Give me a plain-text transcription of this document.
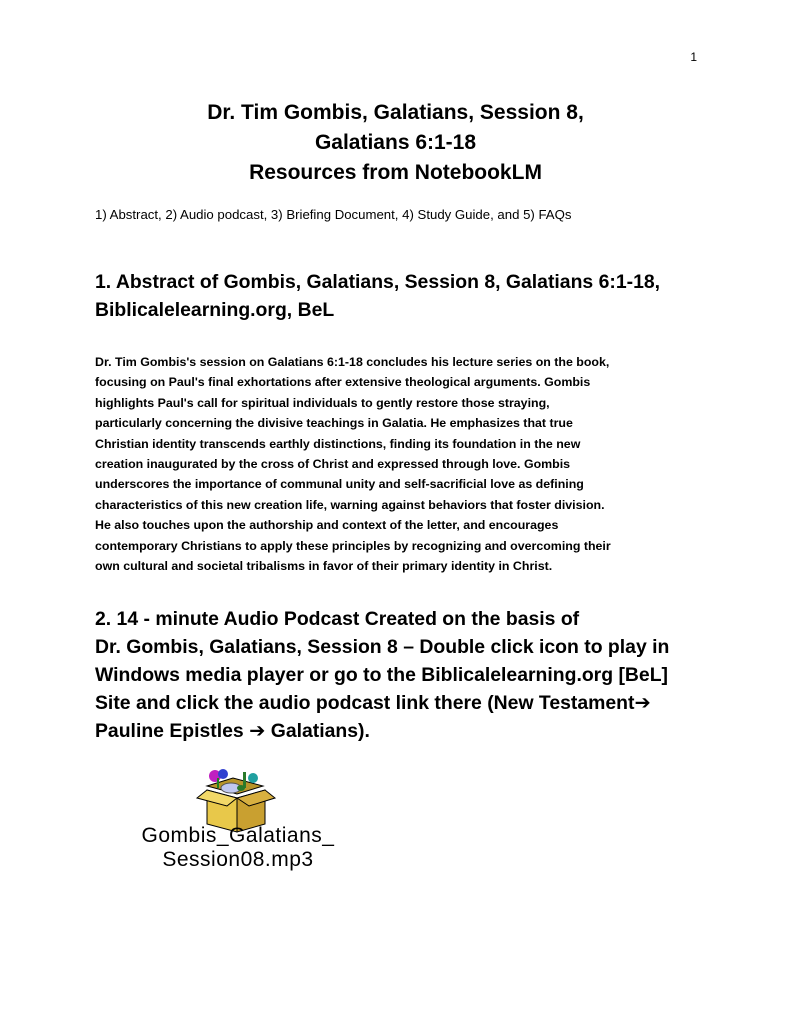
1
Dr. Tim Gombis, Galatians, Session 8,
Galatians 6:1-18
Resources from NotebookLM
1) Abstract, 2) Audio podcast, 3) Briefing Document, 4) Study Guide, and 5) FAQs
1. Abstract of Gombis, Galatians, Session 8, Galatians 6:1-18,
Biblicalelearning.org, BeL
Dr. Tim Gombis's session on Galatians 6:1-18 concludes his lecture series on the book,
focusing on Paul's final exhortations after extensive theological arguments. Gombis
highlights Paul's call for spiritual individuals to gently restore those straying,
particularly concerning the divisive teachings in Galatia. He emphasizes that true
Christian identity transcends earthly distinctions, finding its foundation in the new
creation inaugurated by the cross of Christ and expressed through love. Gombis
underscores the importance of communal unity and self-sacrificial love as defining
characteristics of this new creation life, warning against behaviors that foster division.
He also touches upon the authorship and context of the letter, and encourages
contemporary Christians to apply these principles by recognizing and overcoming their
own cultural and societal tribalisms in favor of their primary identity in Christ.
2. 14 - minute Audio Podcast Created on the basis of
Dr. Gombis, Galatians, Session 8 – Double click icon to play in
Windows media player or go to the Biblicalelearning.org [BeL]
Site and click the audio podcast link there (New Testament➔
Pauline Epistles ➔ Galatians).
Gombis_Galatians_
Session08.mp3
